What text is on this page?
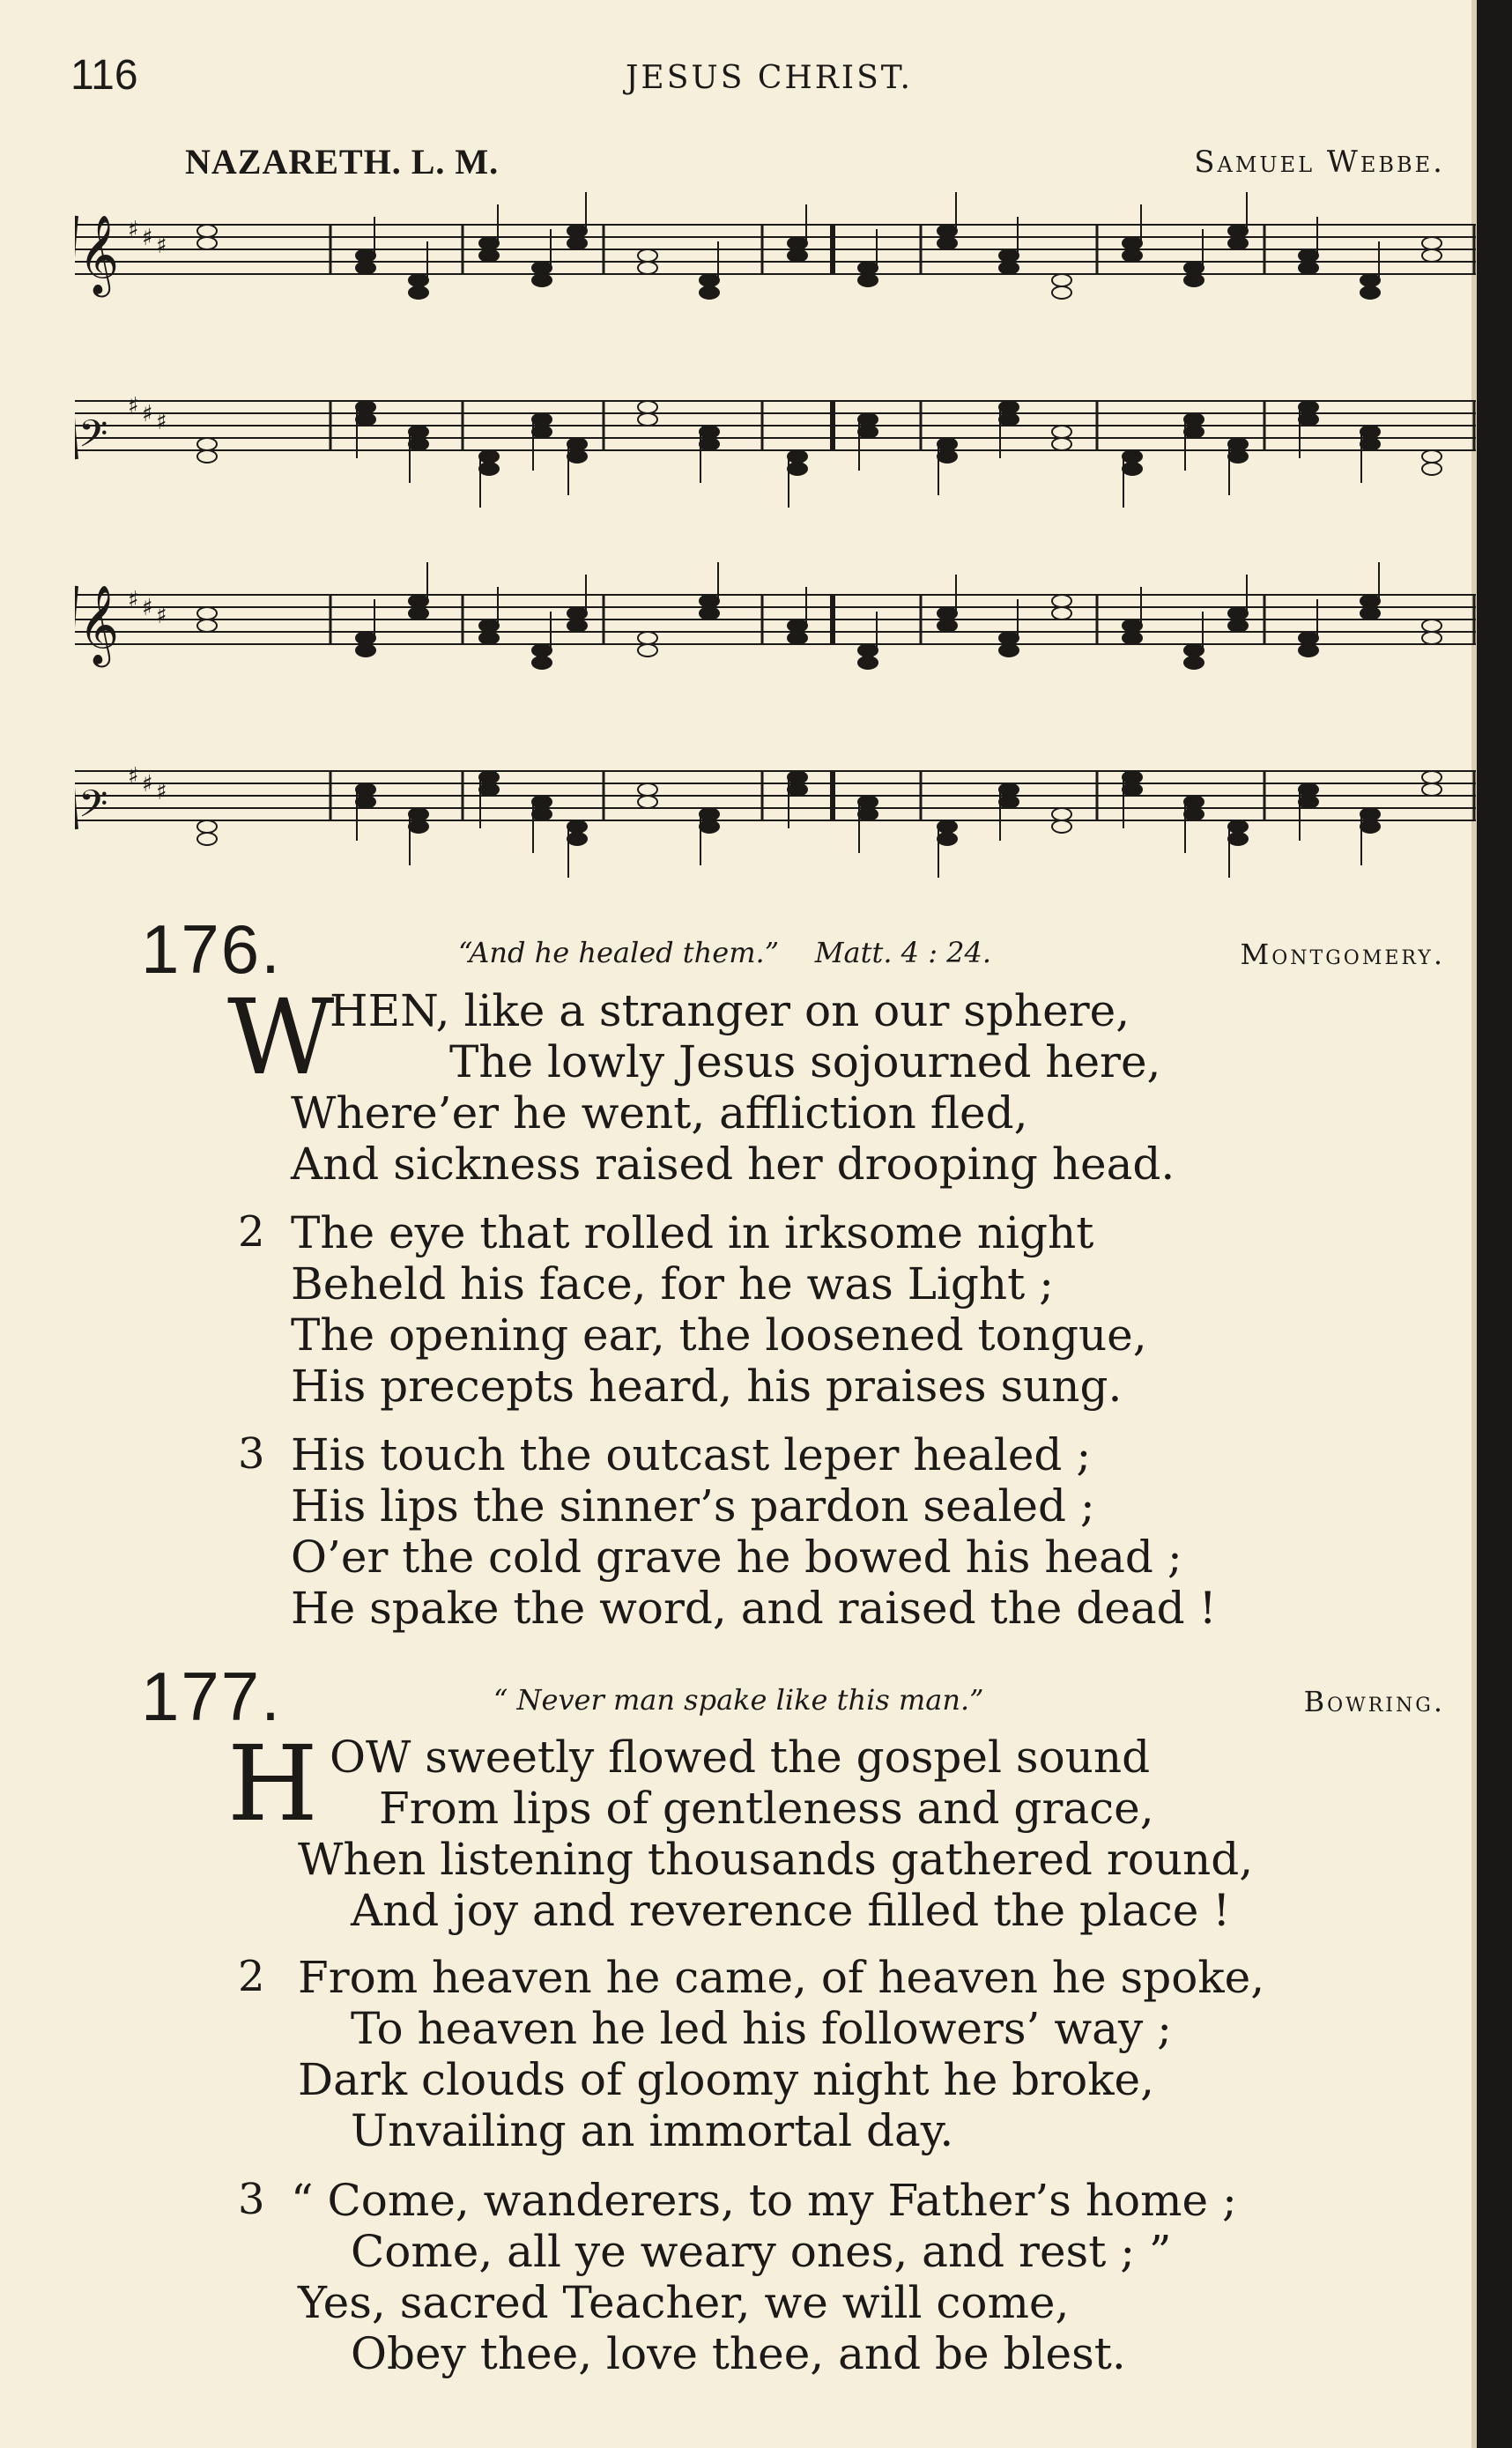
116	JESUS CHRIST.
NAZARETH. L. M.	Samuel Webbe.
𝄞 ♯ ♯ ♯
𝄢
♯ ♯ ♯
𝄞 ♯ ♯ ♯
𝄢
♯ ♯ ♯
176.	“And he healed them.” Matt. 4 : 24.	Montgomery.
W
HEN, like a stranger on our sphere,
The lowly Jesus sojourned here,
Where’er he went, affliction fled,
And sickness raised her drooping head.
2 The eye that rolled in irksome night
Beheld his face, for he was Light ;
The opening ear, the loosened tongue,
His precepts heard, his praises sung.
3 His touch the outcast leper healed ;
His lips the sinner’s pardon sealed ;
O’er the cold grave he bowed his head ;
He spake the word, and raised the dead !
177.	“ Never man spake like this man.”	Bowring.
H OW sweetly flowed the gospel sound
From lips of gentleness and grace,
When listening thousands gathered round,
And joy and reverence filled the place !
2 From heaven he came, of heaven he spoke,
To heaven he led his followers’ way ;
Dark clouds of gloomy night he broke,
Unvailing an immortal day.
3 “ Come, wanderers, to my Father’s home ;
Come, all ye weary ones, and rest ; ”
Yes, sacred Teacher, we will come,
Obey thee, love thee, and be blest.
